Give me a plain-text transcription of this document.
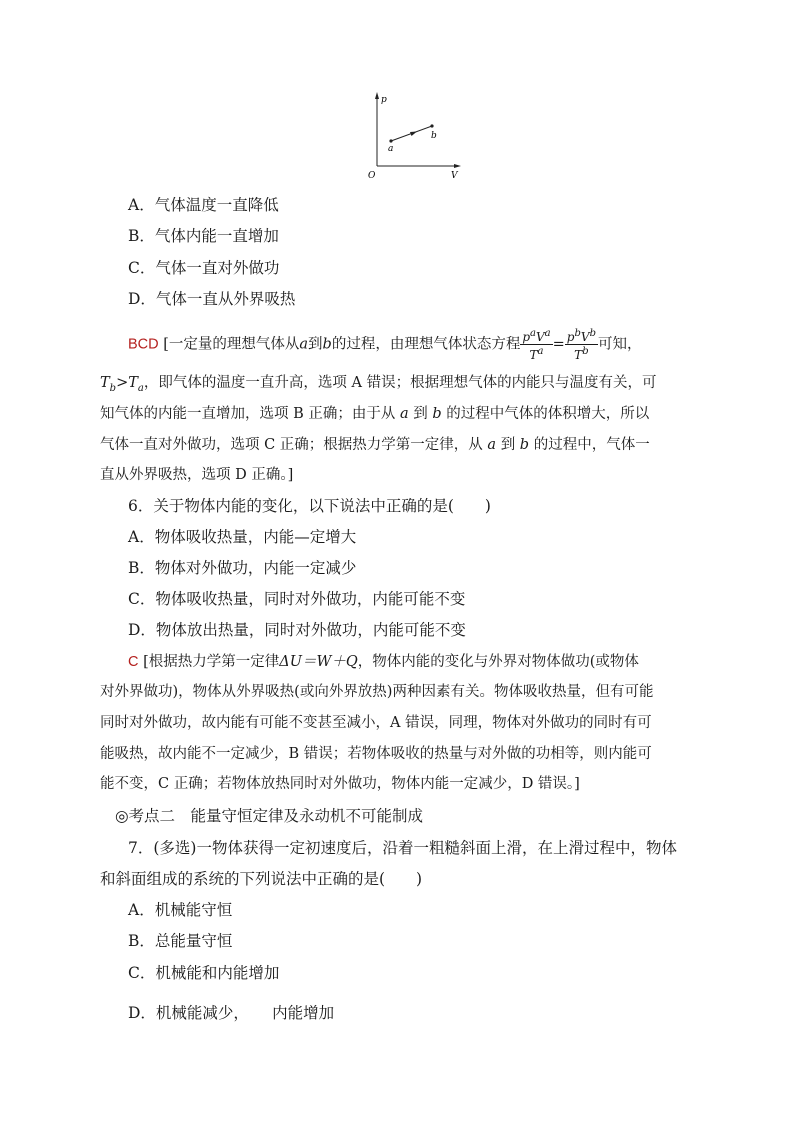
p
V
O
a
b
A．气体温度一直降低
B．气体内能一直增加
C．气体一直对外做功
D．气体一直从外界吸热
BCD [一定量的理想气体从a到b的过程，由理想气体状态方程 $\frac{p^aV^a}{T^a} = \frac{p^bV^b}{T^b}$ 可知，
$T_b>T_a$，即气体的温度一直升高，选项 A 错误；根据理想气体的内能只与温度有关，可
知气体的内能一直增加，选项 B 正确；由于从 a 到 b 的过程中气体的体积增大，所以
气体一直对外做功，选项 C 正确；根据热力学第一定律，从 a 到 b 的过程中，气体一
直从外界吸热，选项 D 正确。]
6．关于物体内能的变化，以下说法中正确的是(　　)
A．物体吸收热量，内能—定增大
B．物体对外做功，内能一定减少
C．物体吸收热量，同时对外做功，内能可能不变
D．物体放出热量，同时对外做功，内能可能不变
C [根据热力学第一定律ΔU＝W＋Q，物体内能的变化与外界对物体做功(或物体
对外界做功)，物体从外界吸热(或向外界放热)两种因素有关。物体吸收热量，但有可能
同时对外做功，故内能有可能不变甚至减小，A 错误，同理，物体对外做功的同时有可
能吸热，故内能不一定减少，B 错误；若物体吸收的热量与对外做的功相等，则内能可
能不变，C 正确；若物体放热同时对外做功，物体内能一定减少，D 错误。]
◎考点二　能量守恒定律及永动机不可能制成
7．(多选)一物体获得一定初速度后，沿着一粗糙斜面上滑，在上滑过程中，物体
和斜面组成的系统的下列说法中正确的是(　　)
A．机械能守恒
B．总能量守恒
C．机械能和内能增加
D．机械能减少，　　内能增加
